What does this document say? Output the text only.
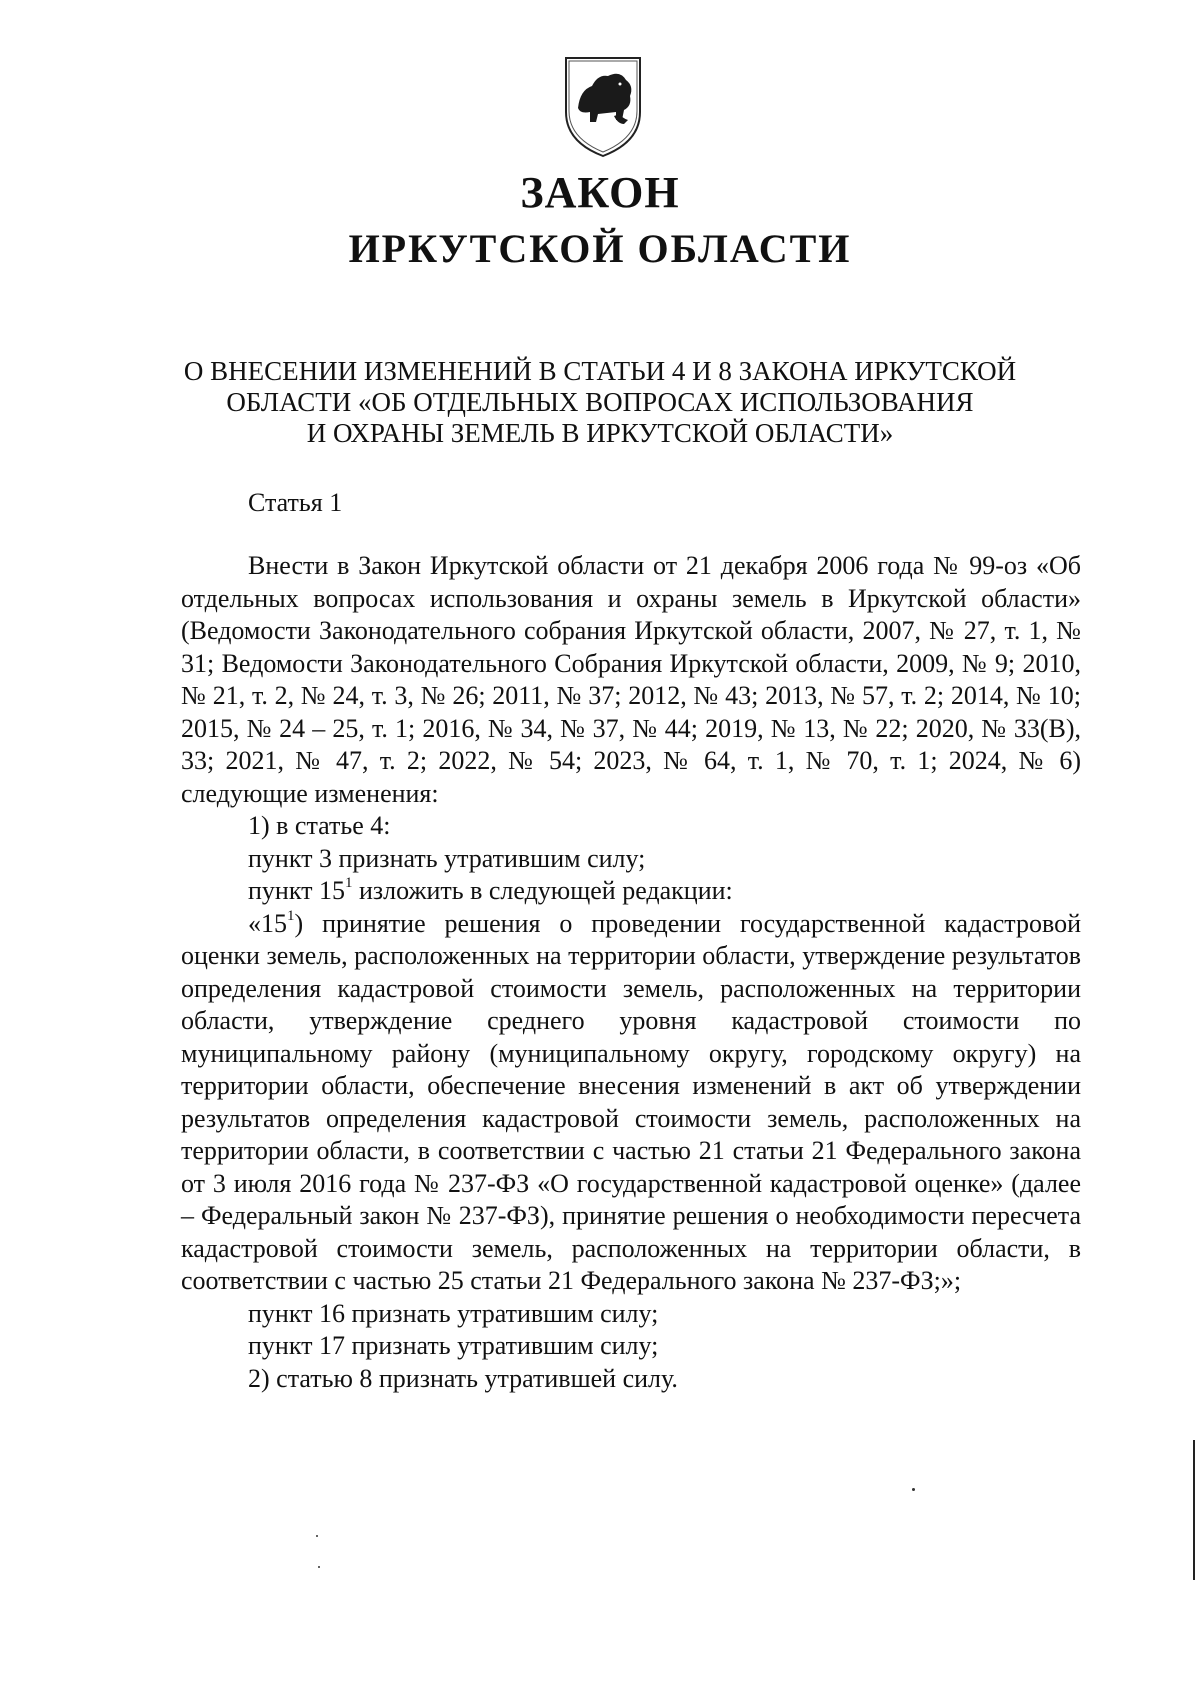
ЗАКОН
ИРКУТСКОЙ ОБЛАСТИ
О ВНЕСЕНИИ ИЗМЕНЕНИЙ В СТАТЬИ 4 И 8 ЗАКОНА ИРКУТСКОЙ
ОБЛАСТИ «ОБ ОТДЕЛЬНЫХ ВОПРОСАХ ИСПОЛЬЗОВАНИЯ
И ОХРАНЫ ЗЕМЕЛЬ В ИРКУТСКОЙ ОБЛАСТИ»
Статья 1

Внести в Закон Иркутской области от 21 декабря 2006 года № 99-оз «Об отдельных вопросах использования и охраны земель в Иркутской области» (Ведомости Законодательного собрания Иркутской области, 2007, № 27, т. 1, № 31; Ведомости Законодательного Собрания Иркутской области, 2009, № 9; 2010, № 21, т. 2, № 24, т. 3, № 26; 2011, № 37; 2012, № 43; 2013, № 57, т. 2; 2014, № 10; 2015, № 24 – 25, т. 1; 2016, № 34, № 37, № 44; 2019, № 13, № 22; 2020, № 33(В), 33; 2021, № 47, т. 2; 2022, № 54; 2023, № 64, т. 1, № 70, т. 1; 2024, № 6) следующие изменения:

1) в статье 4:

пункт 3 признать утратившим силу;

пункт $15^1$ изложить в следующей редакции:

«$15^1$) принятие решения о проведении государственной кадастровой оценки земель, расположенных на территории области, утверждение результатов определения кадастровой стоимости земель, расположенных на территории области, утверждение среднего уровня кадастровой стоимости по муниципальному району (муниципальному округу, городскому округу) на территории области, обеспечение внесения изменений в акт об утверждении результатов определения кадастровой стоимости земель, расположенных на территории области, в соответствии с частью 21 статьи 21 Федерального закона от 3 июля 2016 года № 237-ФЗ «О государственной кадастровой оценке» (далее – Федеральный закон № 237-ФЗ), принятие решения о необходимости пересчета кадастровой стоимости земель, расположенных на территории области, в соответствии с частью 25 статьи 21 Федерального закона № 237-ФЗ;»;

пункт 16 признать утратившим силу;

пункт 17 признать утратившим силу;

2) статью 8 признать утратившей силу.
